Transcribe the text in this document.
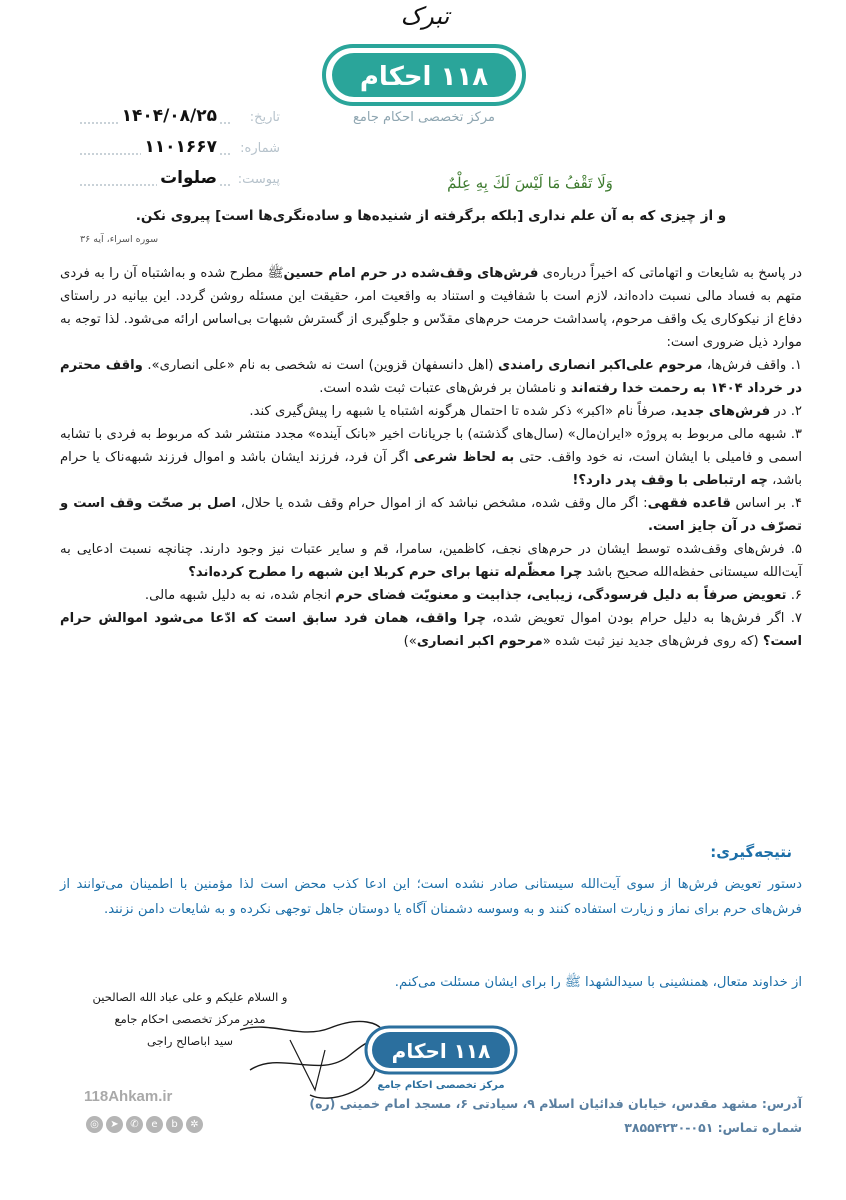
تبرک
۱۱۸ احکام
مرکز تخصصی احکام جامع
تاریخ:
۱۴۰۴/۰۸/۲۵
شماره:
۱۱۰۱۶۶۷
پیوست:
صلوات	وَلَا تَقْفُ مَا لَيْسَ لَكَ بِهِ عِلْمٌ
و از چیزی که به آن علم نداری [بلکه برگرفته از شنیده‌ها و ساده‌نگری‌ها است] پیروی نکن.
سوره اسراء، آیه ۳۶

در پاسخ به شایعات و اتهاماتی که اخیراً درباره‌ی فرش‌های وقف‌شده در حرم امام حسینﷺ مطرح شده و به‌اشتباه آن را به فردی متهم به فساد مالی نسبت داده‌اند، لازم است با شفافیت و استناد به واقعیت امر، حقیقت این مسئله روشن گردد. این بیانیه در راستای دفاع از نیکوکاری یک واقف مرحوم، پاسداشت حرمت حرم‌های مقدّس و جلوگیری از گسترش شبهات بی‌اساس ارائه می‌شود. لذا توجه به موارد ذیل ضروری است:

۱. واقف فرش‌ها، مرحوم علی‌اکبر انصاری رامندی (اهل دانسفهان قزوین) است نه شخصی به نام «علی انصاری». واقف محترم در خرداد ۱۴۰۴ به رحمت خدا رفته‌اند و نامشان بر فرش‌های عتبات ثبت شده است.

۲. در فرش‌های جدید، صرفاً نام «اکبر» ذکر شده تا احتمال هرگونه اشتباه یا شبهه را پیش‌گیری کند.

۳. شبهه مالی مربوط به پروژه «ایران‌مال» (سال‌های گذشته) با جریانات اخیر «بانک آینده» مجدد منتشر شد که مربوط به فردی با تشابه اسمی و فامیلی با ایشان است، نه خود واقف. حتی به لحاظ شرعی اگر آن فرد، فرزند ایشان باشد و اموال فرزند شبهه‌ناک یا حرام باشد، چه ارتباطی با وقف پدر دارد؟!

۴. بر اساس قاعده فقهی: اگر مال وقف شده، مشخص نباشد که از اموال حرام وقف شده یا حلال، اصل بر صحّت وقف است و تصرّف در آن جایز است.

۵. فرش‌های وقف‌شده توسط ایشان در حرم‌های نجف، کاظمین، سامرا، قم و سایر عتبات نیز وجود دارند. چنانچه نسبت ادعایی به آیت‌الله سیستانی حفظه‌الله صحیح باشد چرا معظّم‌له تنها برای حرم کربلا این شبهه را مطرح کرده‌اند؟

۶. تعویض صرفاً به دلیل فرسودگی، زیبایی، جذابیت و معنویّت فضای حرم انجام شده، نه به دلیل شبهه مالی.

۷. اگر فرش‌ها به دلیل حرام بودن اموال تعویض شده، چرا واقف، همان فرد سابق است که ادّعا می‌شود اموالش حرام است؟ (که روی فرش‌های جدید نیز ثبت شده «مرحوم اکبر انصاری»)

نتیجه‌گیری:

دستور تعویض فرش‌ها از سوی آیت‌الله سیستانی صادر نشده است؛ این ادعا کذب محض است لذا مؤمنین با اطمینان می‌توانند از فرش‌های حرم برای نماز و زیارت استفاده کنند و به وسوسه دشمنان آگاه یا دوستان جاهل توجهی نکرده و به شایعات دامن نزنند.

از خداوند متعال، همنشینی با سیدالشهدا ﷺ را برای ایشان مسئلت می‌کنم.

و السلام علیکم و علی عباد الله الصالحین

مدیر مرکز تخصصی احکام جامع

سید ابا‌صالح راجی	۱۱۸ احکام
مرکز تخصصی احکام جامع
118Ahkam.ir
◎ ➤ ✆ e b ✲
آدرس: مشهد مقدس، خیابان فدائیان اسلام ۹، سیادتی ۶، مسجد امام خمینی (ره)
شماره تماس: ۰۵۱-۳۸۵۵۴۲۳۰
